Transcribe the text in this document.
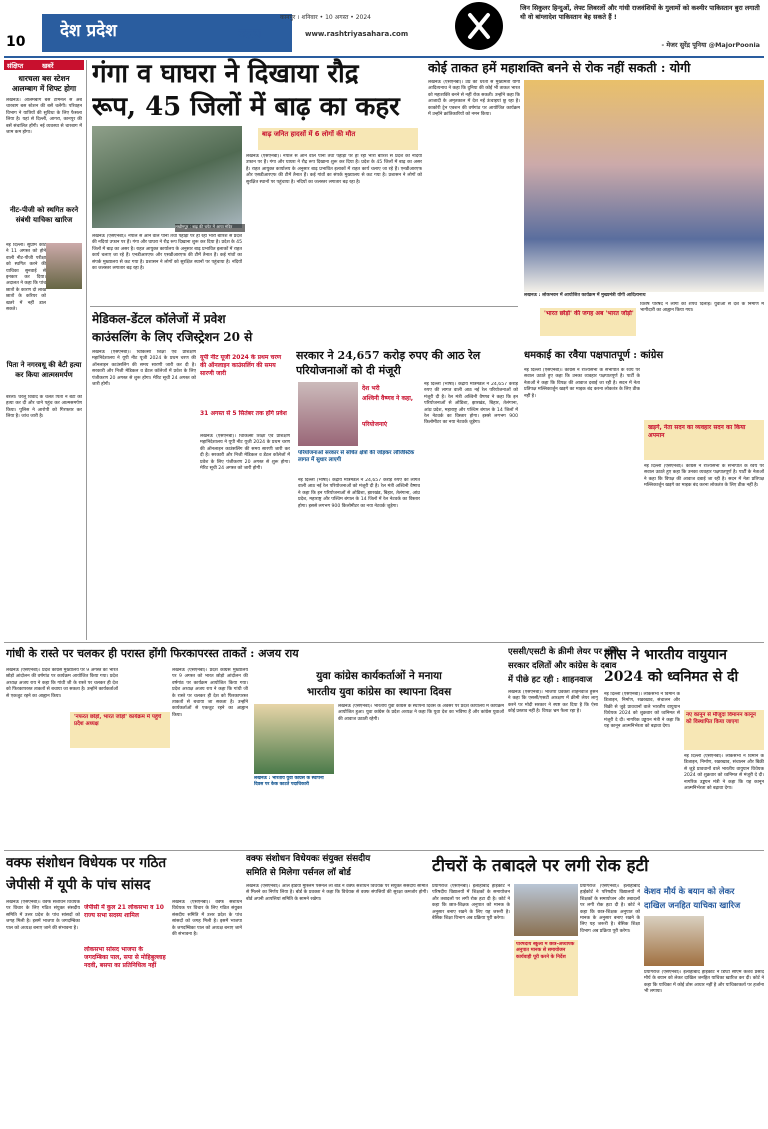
देश प्रदेश
10
कानपुर । शनिवार • 10 अगस्त • 2024
सहारा	www.rashtriyasahara.com
जिन सिकुलर हिन्दुओं, लेफ्ट लिबरलों और गांधी राजवंशियों के गुलामों को कश्मीर पाकिस्तान बुरा लगाती थी वो बांग्लादेश पाकिस्तान बेह सकते हैं !
- मेजर सुरेंद्र पूनिया @MajorPoonia
संक्षिप्त	खबरें
धारचला बस स्टेशन आलम्बाग में शिफ्ट होगा
लखनऊ। आलमबाग बस टर्मिनल से अब चारबाग बस स्टेशन की बसें चलेंगी। परिवहन विभाग ने यात्रियों की सुविधा के लिए फैसला लिया है। यहां से दिल्ली, आगरा, कानपुर की बसें संचालित होंगी। नई व्यवस्था से चारबाग में जाम कम होगा।
नीट-पीजी को स्थगित करने संबंधी याचिका खारिज
नई दिल्ली। सुप्रीम कोर्ट ने 11 अगस्त को होने वाली नीट-पीजी परीक्षा को स्थगित करने की याचिका सुनवाई से इनकार कर दिया। अदालत ने कहा कि पांच छात्रों के कारण दो लाख छात्रों के करियर को खतरे में नहीं डाल सकते।
पिता ने नगरवधू की बेटी हत्या कर किया आत्मसमर्पण
बरेली। घरेलू विवाद के चलते पिता ने बेटी की हत्या कर दी और थाने पहुंच कर आत्मसमर्पण किया। पुलिस ने आरोपी को गिरफ्तार कर लिया है। जांच जारी है।
गंगा व घाघरा ने दिखाया रौद्र
रूप, 45 जिलों में बाढ़ का कहर
लखीमपुर : बाढ़ की चपेट में आया मंदिर
बाढ़ जनित हादसों में 6 लोगों की मौत
लखनऊ (एसएनबी)। नेपाल से आने वाले पानी तथा पहाड़ों पर हो रही भारी बारिश से प्रदेश की नदियां उफान पर हैं। गंगा और घाघरा ने रौद्र रूप दिखाना शुरू कर दिया है। प्रदेश के 45 जिलों में बाढ़ का असर है। राहत आयुक्त कार्यालय के अनुसार बाढ़ प्रभावित इलाकों में राहत कार्य चलाए जा रहे हैं। एनडीआरएफ और एसडीआरएफ की टीमें तैनात हैं। कई गांवों का संपर्क मुख्यालय से कट गया है। प्रशासन ने लोगों को सुरक्षित स्थानों पर पहुंचाया है। नदियों का जलस्तर लगातार बढ़ रहा है।
लखनऊ (एसएनबी)। नेपाल से आने वाले पानी तथा पहाड़ों पर हो रही भारी बारिश से प्रदेश की नदियां उफान पर हैं। गंगा और घाघरा ने रौद्र रूप दिखाना शुरू कर दिया है। प्रदेश के 45 जिलों में बाढ़ का असर है। राहत आयुक्त कार्यालय के अनुसार बाढ़ प्रभावित इलाकों में राहत कार्य चलाए जा रहे हैं। एनडीआरएफ और एसडीआरएफ की टीमें तैनात हैं। कई गांवों का संपर्क मुख्यालय से कट गया है। प्रशासन ने लोगों को सुरक्षित स्थानों पर पहुंचाया है। नदियों का जलस्तर लगातार बढ़ रहा है।
कोई ताकत हमें महाशक्ति बनने से रोक नहीं सकती : योगी
लखनऊ (एसएनबी)। उप्र की धरती से मुख्यमंत्री योगी आदित्यनाथ ने कहा कि दुनिया की कोई भी ताकत भारत को महाशक्ति बनने से नहीं रोक सकती। उन्होंने कहा कि आजादी के अमृतकाल में देश नई ऊंचाइयां छू रहा है। काकोरी ट्रेन एक्शन की वर्षगांठ पर आयोजित कार्यक्रम में उन्होंने क्रांतिकारियों को नमन किया।
लखनऊ : लोकभवन में आयोजित कार्यक्रम में मुख्यमंत्री योगी आदित्यनाथ
विशेष परिषद ने लोगों को शपथ दिलाई। युवाओं से देश के निर्माण में भागीदारी का आह्वान किया गया।
'भारत छोड़ो' की जगह अब 'भारत जोड़ो'
मेडिकल-डेंटल कॉलेजों में प्रवेश
काउंसलिंग के लिए रजिस्ट्रेशन 20 से
लखनऊ (एसएनबी)। चिकित्सा शिक्षा एवं प्रशिक्षण महानिदेशालय ने यूपी नीट यूजी 2024 के प्रथम चरण की ऑनलाइन काउंसलिंग की समय सारणी जारी कर दी है। सरकारी और निजी मेडिकल व डेंटल कॉलेजों में प्रवेश के लिए पंजीकरण 20 अगस्त से शुरू होगा। मेरिट सूची 24 अगस्त को जारी होगी।
यूपी नीट यूजी 2024 के प्रथम चरण की ऑनलाइन काउंसलिंग की समय सारणी जारी
31 अगस्त से 5 सितंबर तक होंगे प्रवेश
लखनऊ (एसएनबी)। चिकित्सा शिक्षा एवं प्रशिक्षण महानिदेशालय ने यूपी नीट यूजी 2024 के प्रथम चरण की ऑनलाइन काउंसलिंग की समय सारणी जारी कर दी है। सरकारी और निजी मेडिकल व डेंटल कॉलेजों में प्रवेश के लिए पंजीकरण 20 अगस्त से शुरू होगा। मेरिट सूची 24 अगस्त को जारी होगी।
सरकार ने 24,657 करोड़ रुपए की आठ रेल परियोजनाओं को दी मंजूरी
देश भरी
अश्विनी वैष्णव ने कहा,
परियोजनाएं
परियोजनाओं सरकार से संचित क्षेत्रों की जोड़कर लॉजिस्टिक लागत में सुधार लाएगी
नई दिल्ली (भाषा)। केंद्रीय मंत्रिमंडल ने 24,657 करोड़ रुपए की लागत वाली आठ नई रेल परियोजनाओं को मंजूरी दी है। रेल मंत्री अश्विनी वैष्णव ने कहा कि इन परियोजनाओं से ओडिशा, झारखंड, बिहार, तेलंगाना, आंध्र प्रदेश, महाराष्ट्र और पश्चिम बंगाल के 14 जिलों में रेल नेटवर्क का विस्तार होगा। इससे लगभग 900 किलोमीटर का नया नेटवर्क जुड़ेगा।
नई दिल्ली (भाषा)। केंद्रीय मंत्रिमंडल ने 24,657 करोड़ रुपए की लागत वाली आठ नई रेल परियोजनाओं को मंजूरी दी है। रेल मंत्री अश्विनी वैष्णव ने कहा कि इन परियोजनाओं से ओडिशा, झारखंड, बिहार, तेलंगाना, आंध्र प्रदेश, महाराष्ट्र और पश्चिम बंगाल के 14 जिलों में रेल नेटवर्क का विस्तार होगा। इससे लगभग 900 किलोमीटर का नया नेटवर्क जुड़ेगा।
धमकाई का रवैया पक्षपातपूर्ण : कांग्रेस
नई दिल्ली (एसएनबी)। कांग्रेस ने राज्यसभा के सभापति के रवैये पर सवाल उठाते हुए कहा कि उनका व्यवहार पक्षपातपूर्ण है। पार्टी के नेताओं ने कहा कि विपक्ष की आवाज दबाई जा रही है। सदन में नेता प्रतिपक्ष मल्लिकार्जुन खड़गे का माइक बंद करना लोकतंत्र के लिए ठीक नहीं है।
खड़गे, नेता सदन का व्यवहार सदन का किया अपमान
नई दिल्ली (एसएनबी)। कांग्रेस ने राज्यसभा के सभापति के रवैये पर सवाल उठाते हुए कहा कि उनका व्यवहार पक्षपातपूर्ण है। पार्टी के नेताओं ने कहा कि विपक्ष की आवाज दबाई जा रही है। सदन में नेता प्रतिपक्ष मल्लिकार्जुन खड़गे का माइक बंद करना लोकतंत्र के लिए ठीक नहीं है।
गांधी के रास्ते पर चलकर ही परास्त होंगी फिरकापरस्त ताकतें : अजय राय
लखनऊ (एसएनबी)। प्रदेश कांग्रेस मुख्यालय पर 9 अगस्त को भारत छोड़ो आंदोलन की वर्षगांठ पर कार्यक्रम आयोजित किया गया। प्रदेश अध्यक्ष अजय राय ने कहा कि गांधी जी के रास्ते पर चलकर ही देश को फिरकापरस्त ताकतों से बचाया जा सकता है। उन्होंने कार्यकर्ताओं से एकजुट रहने का आह्वान किया।
'नफरत छोड़ो, भारत जोड़ो' कार्यक्रम में पहुंचे प्रदेश अध्यक्ष
लखनऊ (एसएनबी)। प्रदेश कांग्रेस मुख्यालय पर 9 अगस्त को भारत छोड़ो आंदोलन की वर्षगांठ पर कार्यक्रम आयोजित किया गया। प्रदेश अध्यक्ष अजय राय ने कहा कि गांधी जी के रास्ते पर चलकर ही देश को फिरकापरस्त ताकतों से बचाया जा सकता है। उन्होंने कार्यकर्ताओं से एकजुट रहने का आह्वान किया।
युवा कांग्रेस कार्यकर्ताओं ने मनाया
भारतीय युवा कांग्रेस का स्थापना दिवस
लखनऊ : भारतीय युवा कांग्रेस के स्थापना दिवस पर केक काटते पदाधिकारी
लखनऊ (एसएनबी)। भारतीय युवा कांग्रेस के स्थापना दिवस के अवसर पर प्रदेश कार्यालय में कार्यक्रम आयोजित हुआ। युवा कांग्रेस के प्रदेश अध्यक्ष ने कहा कि युवा देश का भविष्य हैं और कांग्रेस युवाओं की आवाज उठाती रहेगी।
एससी/एसटी के क्रीमी लेयर पर मोदी
सरकार दलितों और कांग्रेस के दबाव
में पीछे हट रही : शाहनवाज
लखनऊ (एसएनबी)। भाजपा प्रवक्ता शाहनवाज हुसैन ने कहा कि एससी/एसटी आरक्षण में क्रीमी लेयर लागू करने पर मोदी सरकार ने स्पष्ट कर दिया है कि ऐसा कोई प्रस्ताव नहीं है। विपक्ष भ्रम फैला रहा है।
लोस ने भारतीय वायुयान
2024 को ध्वनिमत से दी
नई दिल्ली (एसएनबी)। लोकसभा ने विमान के डिजाइन, निर्माण, रखरखाव, संचालन और बिक्री से जुड़े प्रावधानों वाले भारतीय वायुयान विधेयक 2024 को शुक्रवार को ध्वनिमत से मंजूरी दे दी। नागरिक उड्डयन मंत्री ने कहा कि यह कानून आत्मनिर्भरता को बढ़ावा देगा।
नए कानून से मौजूदा विमानन कानून को विस्थापित किया जाएगा
नई दिल्ली (एसएनबी)। लोकसभा ने विमान के डिजाइन, निर्माण, रखरखाव, संचालन और बिक्री से जुड़े प्रावधानों वाले भारतीय वायुयान विधेयक 2024 को शुक्रवार को ध्वनिमत से मंजूरी दे दी। नागरिक उड्डयन मंत्री ने कहा कि यह कानून आत्मनिर्भरता को बढ़ावा देगा।
वक्फ संशोधन विधेयक पर गठित
जेपीसी में यूपी के पांच सांसद
लखनऊ (एसएनबी)। वक्फ संशोधन विधेयक पर विचार के लिए गठित संयुक्त संसदीय समिति में उत्तर प्रदेश के पांच सांसदों को जगह मिली है। इसमें भाजपा के जगदम्बिका पाल को अध्यक्ष बनाए जाने की संभावना है।
जेपीसी में कुल 21 लोकसभा व 10 राज्य सभा सदस्य शामिल
लोकसभा सांसद भाजपा के जगदम्बिका पाल, सपा से मोहिबुल्लाह नदवी, बसपा का प्रतिनिधित्व नहीं
लखनऊ (एसएनबी)। वक्फ संशोधन विधेयक पर विचार के लिए गठित संयुक्त संसदीय समिति में उत्तर प्रदेश के पांच सांसदों को जगह मिली है। इसमें भाजपा के जगदम्बिका पाल को अध्यक्ष बनाए जाने की संभावना है।
वक्फ संशोधन विधेयकः संयुक्त संसदीय
समिति से मिलेगा पर्सनल लॉ बोर्ड
लखनऊ (एसएनबी)। ऑल इंडिया मुस्लिम पर्सनल लॉ बोर्ड ने वक्फ संशोधन विधेयक पर संयुक्त संसदीय समिति से मिलने का निर्णय लिया है। बोर्ड के प्रवक्ता ने कहा कि विधेयक से वक्फ संपत्तियों की सुरक्षा कमजोर होगी। बोर्ड अपनी आपत्तियां समिति के सामने रखेगा।
टीचरों के तबादले पर लगी रोक हटी
प्रयागराज (एसएनबी)। इलाहाबाद हाईकोर्ट ने परिषदीय विद्यालयों में शिक्षकों के समायोजन और तबादलों पर लगी रोक हटा दी है। कोर्ट ने कहा कि छात्र-शिक्षक अनुपात को मानक के अनुसार बनाए रखने के लिए यह जरूरी है। बेसिक शिक्षा विभाग अब प्रक्रिया पूरी करेगा।
परिषदीय स्कूलों में छात्र-अध्यापक अनुपात मानक से समायोजन कार्यवाही पूरी करने के निर्देश
प्रयागराज (एसएनबी)। इलाहाबाद हाईकोर्ट ने परिषदीय विद्यालयों में शिक्षकों के समायोजन और तबादलों पर लगी रोक हटा दी है। कोर्ट ने कहा कि छात्र-शिक्षक अनुपात को मानक के अनुसार बनाए रखने के लिए यह जरूरी है। बेसिक शिक्षा विभाग अब प्रक्रिया पूरी करेगा।
केशव मौर्य के बयान को लेकर
दाखिल जनहित याचिका खारिज
प्रयागराज (एसएनबी)। इलाहाबाद हाईकोर्ट ने डिप्टी सीएम केशव प्रसाद मौर्य के बयान को लेकर दाखिल जनहित याचिका खारिज कर दी। कोर्ट ने कहा कि याचिका में कोई ठोस आधार नहीं है और याचिकाकर्ता पर हर्जाना भी लगाया।
